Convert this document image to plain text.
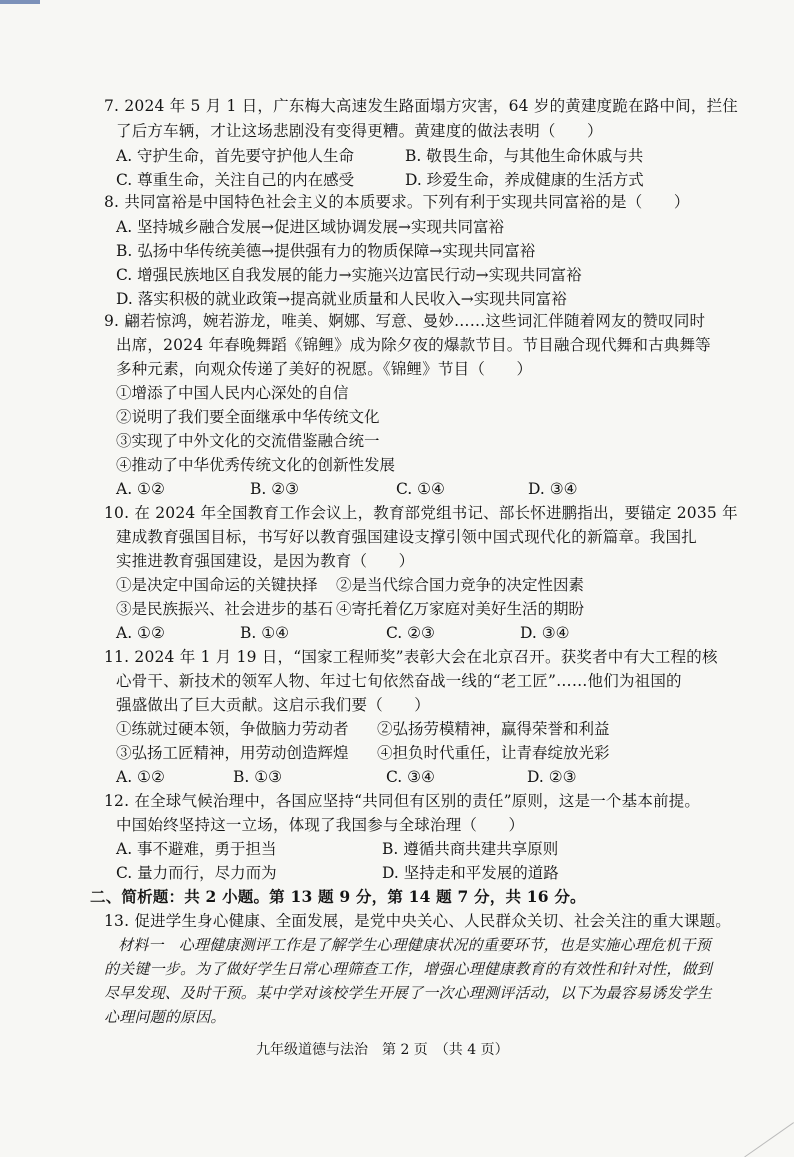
7. 2024 年 5 月 1 日，广东梅大高速发生路面塌方灾害，64 岁的黄建度跪在路中间，拦住
了后方车辆，才让这场悲剧没有变得更糟。黄建度的做法表明（　　）
A. 守护生命，首先要守护他人生命	B. 敬畏生命，与其他生命休戚与共
C. 尊重生命，关注自己的内在感受	D. 珍爱生命，养成健康的生活方式
8. 共同富裕是中国特色社会主义的本质要求。下列有利于实现共同富裕的是（　　）
A. 坚持城乡融合发展→促进区域协调发展→实现共同富裕
B. 弘扬中华传统美德→提供强有力的物质保障→实现共同富裕
C. 增强民族地区自我发展的能力→实施兴边富民行动→实现共同富裕
D. 落实积极的就业政策→提高就业质量和人民收入→实现共同富裕
9. 翩若惊鸿，婉若游龙，唯美、婀娜、写意、曼妙……这些词汇伴随着网友的赞叹同时
出席，2024 年春晚舞蹈《锦鲤》成为除夕夜的爆款节目。节目融合现代舞和古典舞等
多种元素，向观众传递了美好的祝愿。《锦鲤》节目（　　）
①增添了中国人民内心深处的自信
②说明了我们要全面继承中华传统文化
③实现了中外文化的交流借鉴融合统一
④推动了中华优秀传统文化的创新性发展
A. ①②	B. ②③	C. ①④	D. ③④
10. 在 2024 年全国教育工作会议上，教育部党组书记、部长怀进鹏指出，要锚定 2035 年
建成教育强国目标，书写好以教育强国建设支撑引领中国式现代化的新篇章。我国扎
实推进教育强国建设，是因为教育（　　）
①是决定中国命运的关键抉择 ②是当代综合国力竞争的决定性因素
③是民族振兴、社会进步的基石 ④寄托着亿万家庭对美好生活的期盼
A. ①②	B. ①④	C. ②③	D. ③④
11. 2024 年 1 月 19 日，“国家工程师奖”表彰大会在北京召开。获奖者中有大工程的核
心骨干、新技术的领军人物、年过七旬依然奋战一线的“老工匠”……他们为祖国的
强盛做出了巨大贡献。这启示我们要（　　）
①练就过硬本领，争做脑力劳动者 ②弘扬劳模精神，赢得荣誉和利益
③弘扬工匠精神，用劳动创造辉煌 ④担负时代重任，让青春绽放光彩
A. ①②	B. ①③	C. ③④	D. ②③
12. 在全球气候治理中，各国应坚持“共同但有区别的责任”原则，这是一个基本前提。
中国始终坚持这一立场，体现了我国参与全球治理（　　）
A. 事不避难，勇于担当	B. 遵循共商共建共享原则
C. 量力而行，尽力而为	D. 坚持走和平发展的道路
二、简析题：共 2 小题。第 13 题 9 分，第 14 题 7 分，共 16 分。
13. 促进学生身心健康、全面发展，是党中央关心、人民群众关切、社会关注的重大课题。
材料一　心理健康测评工作是了解学生心理健康状况的重要环节，也是实施心理危机干预
的关键一步。为了做好学生日常心理筛查工作，增强心理健康教育的有效性和针对性，做到
尽早发现、及时干预。某中学对该校学生开展了一次心理测评活动，以下为最容易诱发学生
心理问题的原因。
九年级道德与法治　第 2 页　（共 4 页）
